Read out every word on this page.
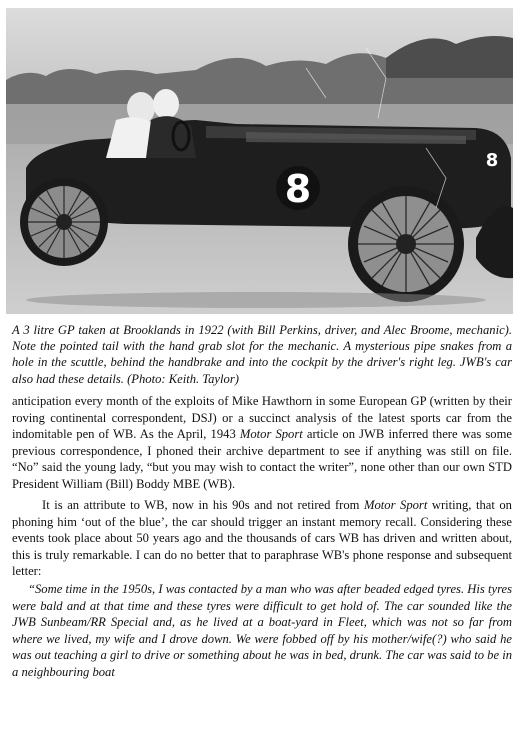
8
8
A 3 litre GP taken at Brooklands in 1922 (with Bill Perkins, driver, and Alec Broome, mechanic). Note the pointed tail with the hand grab slot for the mechanic. A mysterious pipe snakes from a hole in the scuttle, behind the handbrake and into the cockpit by the driver's right leg. JWB's car also had these details. (Photo: Keith. Taylor)

anticipation every month of the exploits of Mike Hawthorn in some European GP (written by their roving continental correspondent, DSJ) or a succinct analysis of the latest sports car from the indomitable pen of WB. As the April, 1943 Motor Sport article on JWB inferred there was some previous correspondence, I phoned their archive department to see if anything was still on file. “No” said the young lady, “but you may wish to contact the writer”, none other than our own STD President William (Bill) Boddy MBE (WB).

It is an attribute to WB, now in his 90s and not retired from Motor Sport writing, that on phoning him ‘out of the blue’, the car should trigger an instant memory recall. Considering these events took place about 50 years ago and the thousands of cars WB has driven and written about, this is truly remarkable. I can do no better that to paraphrase WB's phone response and subsequent letter:

“Some time in the 1950s, I was contacted by a man who was after beaded edged tyres. His tyres were bald and at that time and these tyres were difficult to get hold of. The car sounded like the JWB Sunbeam/RR Special and, as he lived at a boat-yard in Fleet, which was not so far from where we lived, my wife and I drove down. We were fobbed off by his mother/wife(?) who said he was out teaching a girl to drive or something about he was in bed, drunk. The car was said to be in a neighbouring boat
